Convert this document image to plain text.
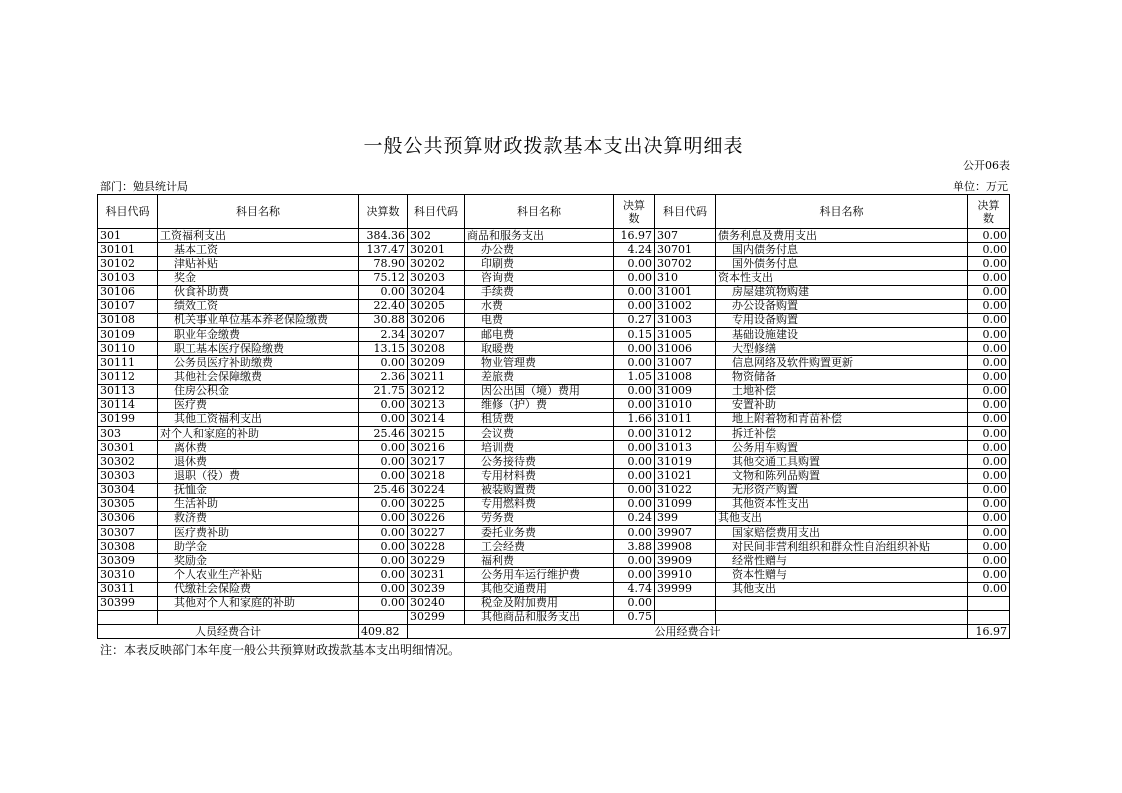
一般公共预算财政拨款基本支出决算明细表
公开06表
部门：勉县统计局	单位：万元
科目代码	科目名称	决算数	科目代码	科目名称	决算数	科目代码	科目名称	决算数
301	工资福利支出	384.36	302	商品和服务支出	16.97	307	债务利息及费用支出	0.00
30101	基本工资	137.47	30201	办公费	4.24	30701	国内债务付息	0.00
30102	津贴补贴	78.90	30202	印刷费	0.00	30702	国外债务付息	0.00
30103	奖金	75.12	30203	咨询费	0.00	310	资本性支出	0.00
30106	伙食补助费	0.00	30204	手续费	0.00	31001	房屋建筑物购建	0.00
30107	绩效工资	22.40	30205	水费	0.00	31002	办公设备购置	0.00
30108	机关事业单位基本养老保险缴费	30.88	30206	电费	0.27	31003	专用设备购置	0.00
30109	职业年金缴费	2.34	30207	邮电费	0.15	31005	基础设施建设	0.00
30110	职工基本医疗保险缴费	13.15	30208	取暖费	0.00	31006	大型修缮	0.00
30111	公务员医疗补助缴费	0.00	30209	物业管理费	0.00	31007	信息网络及软件购置更新	0.00
30112	其他社会保障缴费	2.36	30211	差旅费	1.05	31008	物资储备	0.00
30113	住房公积金	21.75	30212	因公出国（境）费用	0.00	31009	土地补偿	0.00
30114	医疗费	0.00	30213	维修（护）费	0.00	31010	安置补助	0.00
30199	其他工资福利支出	0.00	30214	租赁费	1.66	31011	地上附着物和青苗补偿	0.00
303	对个人和家庭的补助	25.46	30215	会议费	0.00	31012	拆迁补偿	0.00
30301	离休费	0.00	30216	培训费	0.00	31013	公务用车购置	0.00
30302	退休费	0.00	30217	公务接待费	0.00	31019	其他交通工具购置	0.00
30303	退职（役）费	0.00	30218	专用材料费	0.00	31021	文物和陈列品购置	0.00
30304	抚恤金	25.46	30224	被装购置费	0.00	31022	无形资产购置	0.00
30305	生活补助	0.00	30225	专用燃料费	0.00	31099	其他资本性支出	0.00
30306	救济费	0.00	30226	劳务费	0.24	399	其他支出	0.00
30307	医疗费补助	0.00	30227	委托业务费	0.00	39907	国家赔偿费用支出	0.00
30308	助学金	0.00	30228	工会经费	3.88	39908	对民间非营利组织和群众性自治组织补贴	0.00
30309	奖励金	0.00	30229	福利费	0.00	39909	经常性赠与	0.00
30310	个人农业生产补贴	0.00	30231	公务用车运行维护费	0.00	39910	资本性赠与	0.00
30311	代缴社会保险费	0.00	30239	其他交通费用	4.74	39999	其他支出	0.00
30399	其他对个人和家庭的补助	0.00	30240	税金及附加费用	0.00			
			30299	其他商品和服务支出	0.75			
人员经费合计		409.82	公用经费合计					16.97
注：本表反映部门本年度一般公共预算财政拨款基本支出明细情况。
